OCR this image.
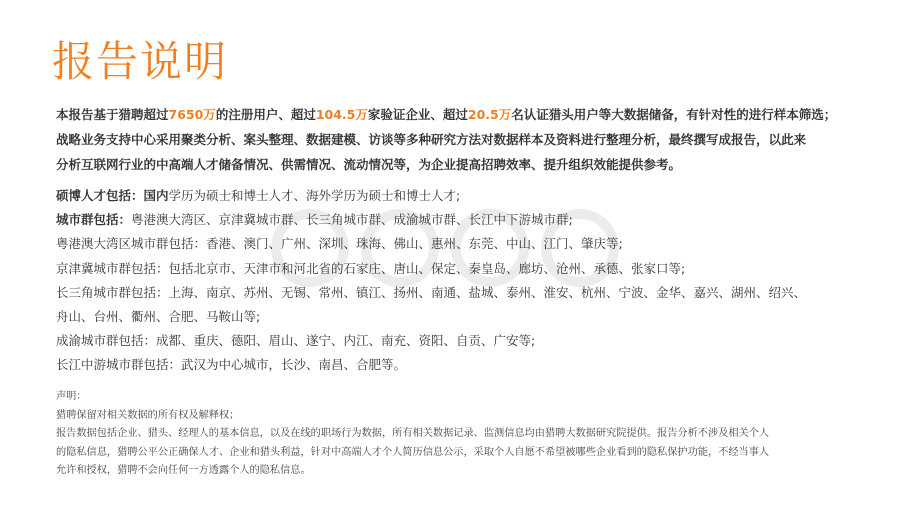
报告说明
本报告基于猎聘超过7650万的注册用户、超过104.5万家验证企业、超过20.5万名认证猎头用户等大数据储备，有针对性的进行样本筛选；
战略业务支持中心采用聚类分析、案头整理、数据建模、访谈等多种研究方法对数据样本及资料进行整理分析，最终撰写成报告，以此来
分析互联网行业的中高端人才储备情况、供需情况、流动情况等，为企业提高招聘效率、提升组织效能提供参考。
硕博人才包括：国内学历为硕士和博士人才、海外学历为硕士和博士人才;
城市群包括：粤港澳大湾区、京津冀城市群、长三角城市群、成渝城市群、长江中下游城市群;
粤港澳大湾区城市群包括：香港、澳门、广州、深圳、珠海、佛山、惠州、东莞、中山、江门、肇庆等;
京津冀城市群包括：包括北京市、天津市和河北省的石家庄、唐山、保定、秦皇岛、廊坊、沧州、承德、张家口等;
长三角城市群包括：上海、南京、苏州、无锡、常州、镇江、扬州、南通、盐城、泰州、淮安、杭州、宁波、金华、嘉兴、湖州、绍兴、
舟山、台州、衢州、合肥、马鞍山等;
成渝城市群包括：成都、重庆、德阳、眉山、遂宁、内江、南充、资阳、自贡、广安等;
长江中游城市群包括：武汉为中心城市，长沙、南昌、合肥等。
声明：
猎聘保留对相关数据的所有权及解释权；
报告数据包括企业、猎头、经理人的基本信息，以及在线的职场行为数据，所有相关数据记录、监测信息均由猎聘大数据研究院提供。报告分析不涉及相关个人
的隐私信息，猎聘公平公正确保人才、企业和猎头利益，针对中高端人才个人简历信息公示，采取个人自愿不希望被哪些企业看到的隐私保护功能，不经当事人
允许和授权，猎聘不会向任何一方透露个人的隐私信息。
